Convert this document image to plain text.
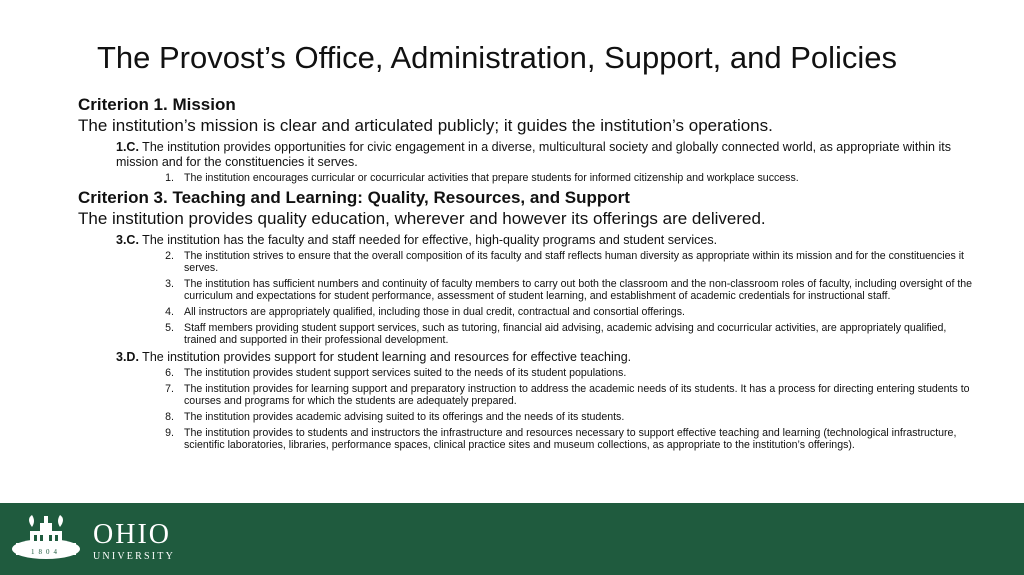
The Provost’s Office, Administration, Support, and Policies

Criterion 1. Mission

The institution’s mission is clear and articulated publicly; it guides the institution’s operations.

1.C. The institution provides opportunities for civic engagement in a diverse, multicultural society and globally connected world, as appropriate within its mission and for the constituencies it serves.
1. The institution encourages curricular or cocurricular activities that prepare students for informed citizenship and workplace success.

Criterion 3. Teaching and Learning: Quality, Resources, and Support

The institution provides quality education, wherever and however its offerings are delivered.

3.C. The institution has the faculty and staff needed for effective, high-quality programs and student services.
2. The institution strives to ensure that the overall composition of its faculty and staff reflects human diversity as appropriate within its mission and for the constituencies it serves.
3. The institution has sufficient numbers and continuity of faculty members to carry out both the classroom and the non-classroom roles of faculty, including oversight of the curriculum and expectations for student performance, assessment of student learning, and establishment of academic credentials for instructional staff.
4. All instructors are appropriately qualified, including those in dual credit, contractual and consortial offerings.
5. Staff members providing student support services, such as tutoring, financial aid advising, academic advising and cocurricular activities, are appropriately qualified, trained and supported in their professional development.
3.D. The institution provides support for student learning and resources for effective teaching.
6. The institution provides student support services suited to the needs of its student populations.
7. The institution provides for learning support and preparatory instruction to address the academic needs of its students. It has a process for directing entering students to courses and programs for which the students are adequately prepared.
8. The institution provides academic advising suited to its offerings and the needs of its students.
9. The institution provides to students and instructors the infrastructure and resources necessary to support effective teaching and learning (technological infrastructure, scientific laboratories, libraries, performance spaces, clinical practice sites and museum collections, as appropriate to the institution’s offerings).
1804
OHIO
UNIVERSITY
